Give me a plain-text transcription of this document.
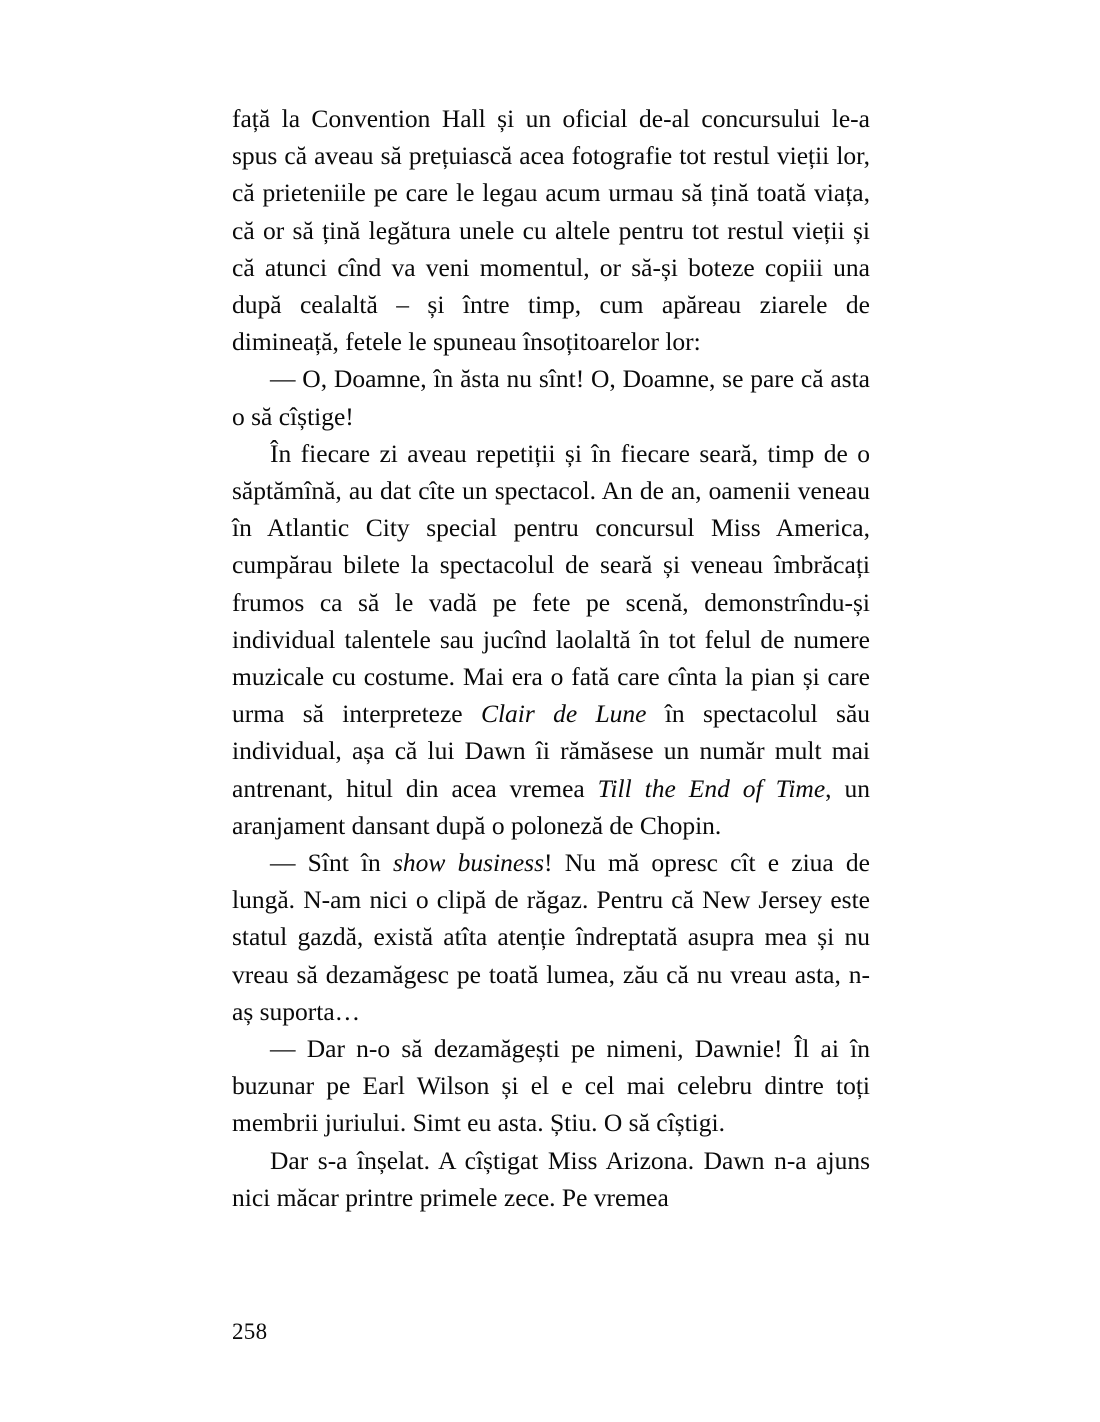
față la Convention Hall și un oficial de-al concursului le-a spus că aveau să prețuiască acea fotografie tot restul vieții lor, că prieteniile pe care le legau acum urmau să țină toată viața, că or să țină legătura unele cu altele pentru tot restul vieții și că atunci cînd va veni momentul, or să-și boteze copiii una după cealaltă – și între timp, cum apăreau ziarele de dimineață, fetele le spuneau însoțitoarelor lor:

— O, Doamne, în ăsta nu sînt! O, Doamne, se pare că asta o să cîștige!

În fiecare zi aveau repetiții și în fiecare seară, timp de o săptămînă, au dat cîte un spectacol. An de an, oamenii veneau în Atlantic City special pentru concursul Miss America, cumpărau bilete la spectacolul de seară și veneau îmbrăcați frumos ca să le vadă pe fete pe scenă, demonstrîndu-și individual talentele sau jucînd laolaltă în tot felul de numere muzicale cu costume. Mai era o fată care cînta la pian și care urma să interpreteze Clair de Lune în spectacolul său individual, așa că lui Dawn îi rămăsese un număr mult mai antrenant, hitul din acea vremea Till the End of Time, un aranjament dansant după o poloneză de Chopin.

— Sînt în show business! Nu mă opresc cît e ziua de lungă. N-am nici o clipă de răgaz. Pentru că New Jersey este statul gazdă, există atîta atenție îndreptată asupra mea și nu vreau să dezamăgesc pe toată lumea, zău că nu vreau asta, n-aș suporta…

— Dar n-o să dezamăgești pe nimeni, Dawnie! Îl ai în buzunar pe Earl Wilson și el e cel mai celebru dintre toți membrii juriului. Simt eu asta. Știu. O să cîștigi.

Dar s-a înșelat. A cîștigat Miss Arizona. Dawn n-a ajuns nici măcar printre primele zece. Pe vremea

258
